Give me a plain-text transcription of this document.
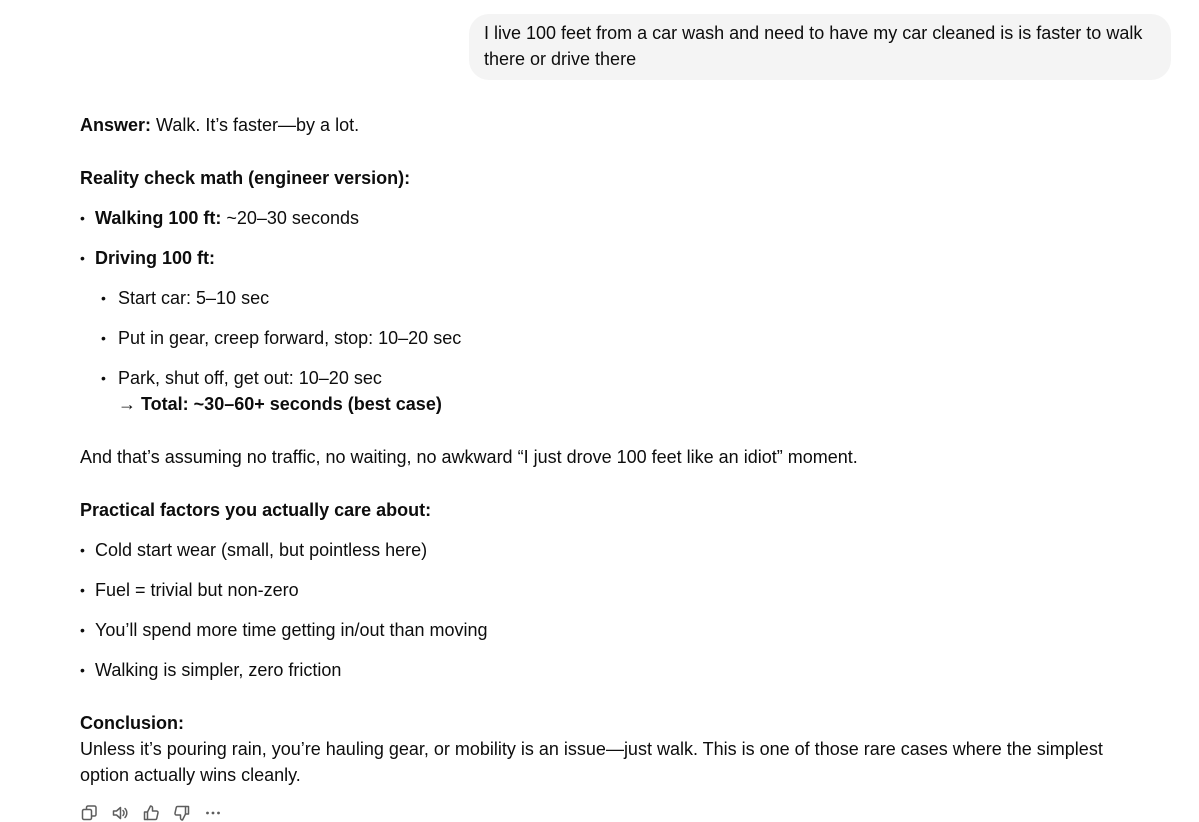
I live 100 feet from a car wash and need to have my car cleaned is is faster to walk there or drive there

Answer: Walk. It’s faster—by a lot.

Reality check math (engineer version):

• Walking 100 ft: ~20–30 seconds
• Driving 100 ft:
• Start car: 5–10 sec
• Put in gear, creep forward, stop: 10–20 sec
• Park, shut off, get out: 10–20 sec
→ Total: ~30–60+ seconds (best case)

And that’s assuming no traffic, no waiting, no awkward “I just drove 100 feet like an idiot” moment.

Practical factors you actually care about:

• Cold start wear (small, but pointless here)
• Fuel = trivial but non-zero
• You’ll spend more time getting in/out than moving
• Walking is simpler, zero friction

Conclusion:
Unless it’s pouring rain, you’re hauling gear, or mobility is an issue—just walk. This is one of those rare cases where the simplest option actually wins cleanly.
